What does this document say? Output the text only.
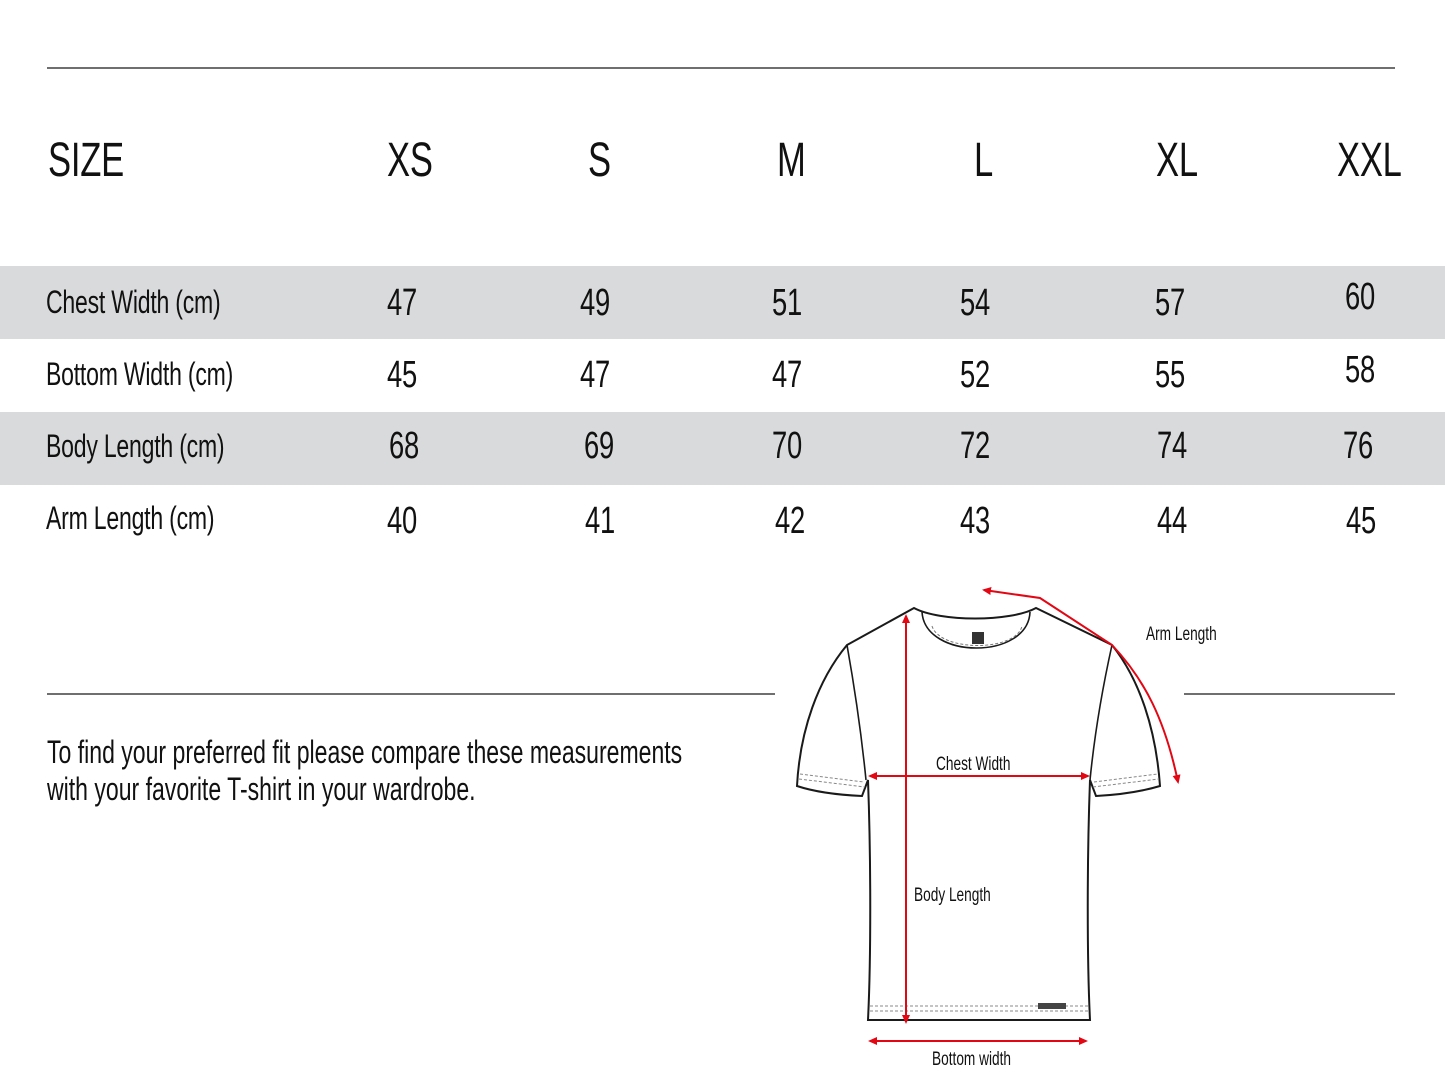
SIZE	XS	S	M	L	XL	XXL
Chest Width (cm)	47	49	51	54	57	60
Bottom Width (cm)	45	47	47	52	55	58
Body Length (cm)	68	69	70	72	74	76
Arm Length (cm)	40	41	42	43	44	45
To find your preferred fit please compare these measurements
with your favorite T-shirt in your wardrobe.
Arm Length
Chest Width
Body Length
Bottom width
